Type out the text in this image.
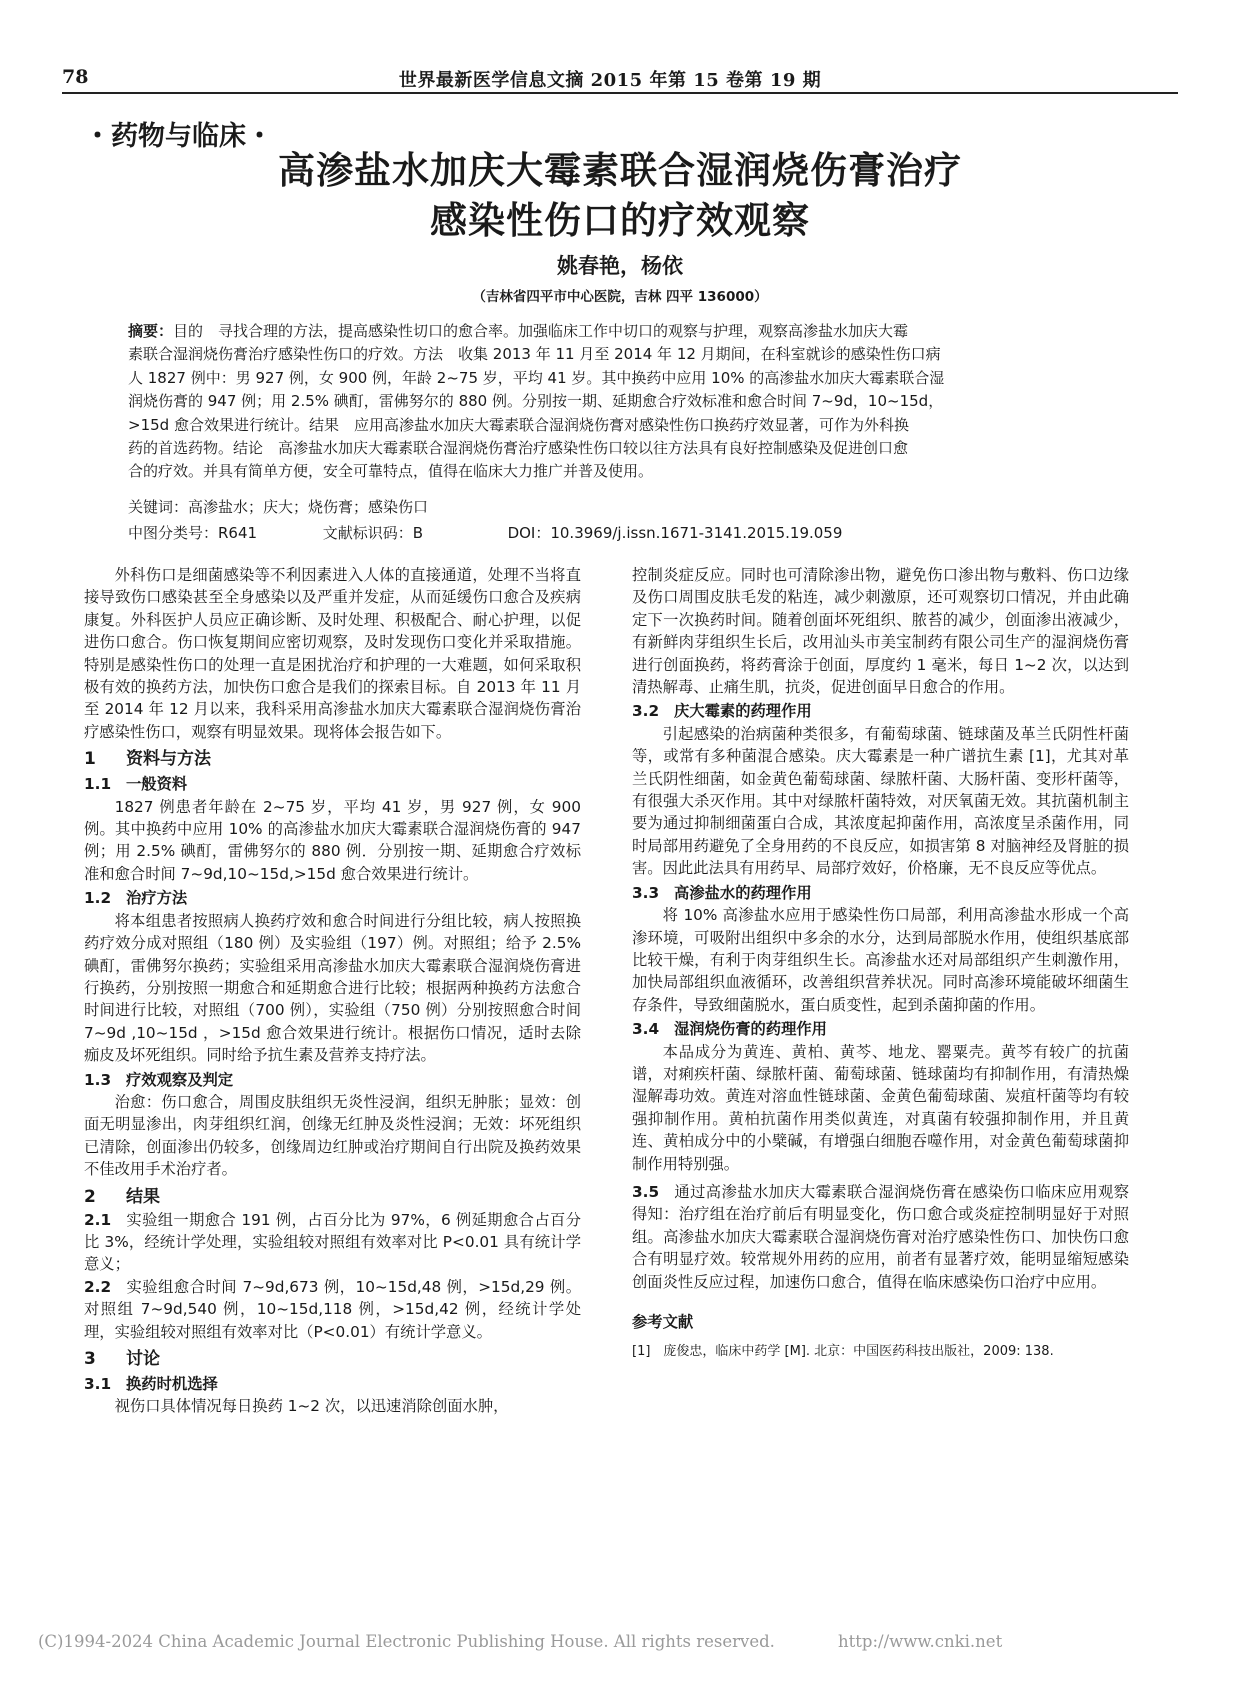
78	世界最新医学信息文摘 2015 年第 15 卷第 19 期
・药物与临床・
高渗盐水加庆大霉素联合湿润烧伤膏治疗
感染性伤口的疗效观察
姚春艳，杨依
（吉林省四平市中心医院，吉林 四平 136000）
摘要：目的　寻找合理的方法，提高感染性切口的愈合率。加强临床工作中切口的观察与护理，观察高渗盐水加庆大霉
素联合湿润烧伤膏治疗感染性伤口的疗效。方法　收集 2013 年 11 月至 2014 年 12 月期间，在科室就诊的感染性伤口病
人 1827 例中：男 927 例，女 900 例，年龄 2~75 岁，平均 41 岁。其中换药中应用 10% 的高渗盐水加庆大霉素联合湿
润烧伤膏的 947 例；用 2.5% 碘酊，雷佛努尔的 880 例。分别按一期、延期愈合疗效标准和愈合时间 7~9d，10~15d，
>15d 愈合效果进行统计。结果　应用高渗盐水加庆大霉素联合湿润烧伤膏对感染性伤口换药疗效显著，可作为外科换
药的首选药物。结论　高渗盐水加庆大霉素联合湿润烧伤膏治疗感染性伤口较以往方法具有良好控制感染及促进创口愈
合的疗效。并具有简单方便，安全可靠特点，值得在临床大力推广并普及使用。
关键词：高渗盐水；庆大；烧伤膏；感染伤口
中图分类号：R641	文献标识码：B	DOI：10.3969/j.issn.1671-3141.2015.19.059

外科伤口是细菌感染等不利因素进入人体的直接通道，处理不当将直接导致伤口感染甚至全身感染以及严重并发症，从而延缓伤口愈合及疾病康复。外科医护人员应正确诊断、及时处理、积极配合、耐心护理，以促进伤口愈合。伤口恢复期间应密切观察，及时发现伤口变化并采取措施。特别是感染性伤口的处理一直是困扰治疗和护理的一大难题，如何采取积极有效的换药方法，加快伤口愈合是我们的探索目标。自 2013 年 11 月至 2014 年 12 月以来，我科采用高渗盐水加庆大霉素联合湿润烧伤膏治疗感染性伤口，观察有明显效果。现将体会报告如下。

1 资料与方法
1.1 一般资料

1827 例患者年龄在 2~75 岁，平均 41 岁，男 927 例，女 900 例。其中换药中应用 10% 的高渗盐水加庆大霉素联合湿润烧伤膏的 947 例；用 2.5% 碘酊，雷佛努尔的 880 例．分别按一期、延期愈合疗效标准和愈合时间 7~9d,10~15d,>15d 愈合效果进行统计。

1.2 治疗方法

将本组患者按照病人换药疗效和愈合时间进行分组比较，病人按照换药疗效分成对照组（180 例）及实验组（197）例。对照组；给予 2.5% 碘酊，雷佛努尔换药；实验组采用高渗盐水加庆大霉素联合湿润烧伤膏进行换药，分别按照一期愈合和延期愈合进行比较；根据两种换药方法愈合时间进行比较，对照组（700 例），实验组（750 例）分别按照愈合时间 7~9d ,10~15d ，>15d 愈合效果进行统计。根据伤口情况，适时去除痂皮及坏死组织。同时给予抗生素及营养支持疗法。

1.3 疗效观察及判定

治愈：伤口愈合，周围皮肤组织无炎性浸润，组织无肿胀；显效：创面无明显渗出，肉芽组织红润，创缘无红肿及炎性浸润；无效：坏死组织已清除，创面渗出仍较多，创缘周边红肿或治疗期间自行出院及换药效果不佳改用手术治疗者。

2 结果
2.1 实验组一期愈合 191 例，占百分比为 97%，6 例延期愈合占百分比 3%，经统计学处理，实验组较对照组有效率对比 P<0.01 具有统计学意义；
2.2 实验组愈合时间 7~9d,673 例，10~15d,48 例，>15d,29 例。对照组 7~9d,540 例，10~15d,118 例，>15d,42 例，经统计学处理，实验组较对照组有效率对比（P<0.01）有统计学意义。
3 讨论
3.1 换药时机选择

视伤口具体情况每日换药 1~2 次，以迅速消除创面水肿，

控制炎症反应。同时也可清除渗出物，避免伤口渗出物与敷料、伤口边缘及伤口周围皮肤毛发的粘连，减少刺激原，还可观察切口情况，并由此确定下一次换药时间。随着创面坏死组织、脓苔的减少，创面渗出液减少，有新鲜肉芽组织生长后，改用汕头市美宝制药有限公司生产的湿润烧伤膏进行创面换药，将药膏涂于创面，厚度约 1 毫米，每日 1~2 次，以达到清热解毒、止痛生肌，抗炎，促进创面早日愈合的作用。
3.2 庆大霉素的药理作用

引起感染的治病菌种类很多，有葡萄球菌、链球菌及革兰氏阴性杆菌等，或常有多种菌混合感染。庆大霉素是一种广谱抗生素 [1]，尤其对革兰氏阴性细菌，如金黄色葡萄球菌、绿脓杆菌、大肠杆菌、变形杆菌等，有很强大杀灭作用。其中对绿脓杆菌特效，对厌氧菌无效。其抗菌机制主要为通过抑制细菌蛋白合成，其浓度起抑菌作用，高浓度呈杀菌作用，同时局部用药避免了全身用药的不良反应，如损害第 8 对脑神经及肾脏的损害。因此此法具有用药早、局部疗效好，价格廉，无不良反应等优点。

3.3 高渗盐水的药理作用

将 10% 高渗盐水应用于感染性伤口局部，利用高渗盐水形成一个高渗环境，可吸附出组织中多余的水分，达到局部脱水作用，使组织基底部比较干燥，有利于肉芽组织生长。高渗盐水还对局部组织产生刺激作用，加快局部组织血液循环，改善组织营养状况。同时高渗环境能破坏细菌生存条件，导致细菌脱水，蛋白质变性，起到杀菌抑菌的作用。

3.4 湿润烧伤膏的药理作用

本品成分为黄连、黄柏、黄芩、地龙、罂粟壳。黄芩有较广的抗菌谱，对痢疾杆菌、绿脓杆菌、葡萄球菌、链球菌均有抑制作用，有清热燥湿解毒功效。黄连对溶血性链球菌、金黄色葡萄球菌、炭疽杆菌等均有较强抑制作用。黄柏抗菌作用类似黄连，对真菌有较强抑制作用，并且黄连、黄柏成分中的小檗碱，有增强白细胞吞噬作用，对金黄色葡萄球菌抑制作用特别强。

3.5 通过高渗盐水加庆大霉素联合湿润烧伤膏在感染伤口临床应用观察得知：治疗组在治疗前后有明显变化，伤口愈合或炎症控制明显好于对照组。高渗盐水加庆大霉素联合湿润烧伤膏对治疗感染性伤口、加快伤口愈合有明显疗效。较常规外用药的应用，前者有显著疗效，能明显缩短感染创面炎性反应过程，加速伤口愈合，值得在临床感染伤口治疗中应用。
参考文献
[1]　庞俊忠，临床中药学 [M]. 北京：中国医药科技出版社，2009: 138.
(C)1994-2024 China Academic Journal Electronic Publishing House. All rights reserved.	http://www.cnki.net
